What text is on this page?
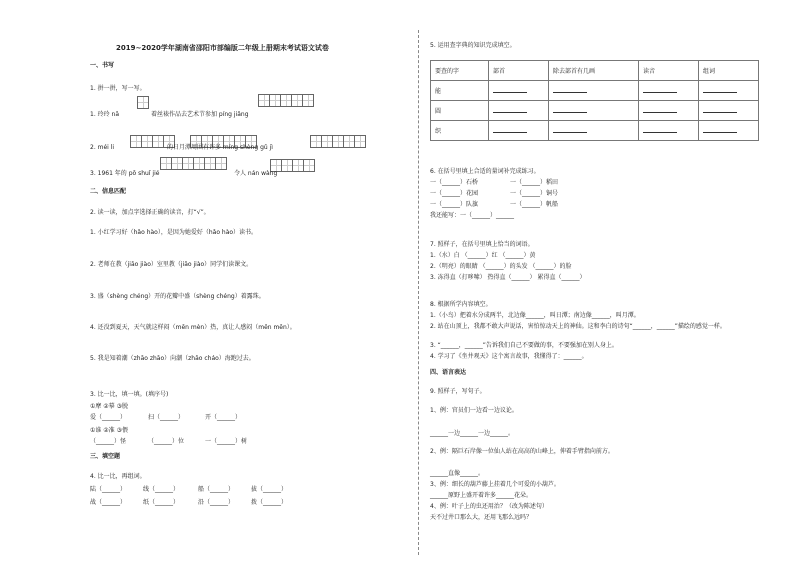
2019~2020学年湖南省邵阳市部编版二年级上册期末考试语文试卷
一、书写
1. 拼一拼，写一写。
1. 玲玲 nā	着丝裱作品去艺术节参加 píng jiǎng
2. méi li	的日月潭周围有许多 míng shèng gǔ jì
3. 1961 年的 pō shuǐ jié	令人 nán wàng
二、信息匹配
2. 读一读，加点字选择正确的读音，打“√”。
1. 小红学习好（hǎo hào），是因为她爱好（hǎo hào）读书。
2. 老师在教（jiāo jiào）室里教（jiāo jiào）同学们读课文。
3. 盛（shèng chéng）开的花瓣中盛（shèng chéng）着露珠。
4. 还没到夏天，天气就这样闷（mēn mèn）热，真让人感闷（mēn mēn）。
5. 我是知着潮（zhāo zhāo）向潮（zhāo cháo）海跑过去。
3. 比一比，填一填。(填序号)
①摩 ②摹 ③脱
爱（______）	扫（______）	开（______）
①谁 ②准 ③偎
（______）怪	（______）位	一（______）树
三、填空题
4. 比一比，再组词。
陆（______）	线（______）	船（______）	拔（______）
战（______）	纸（______）	沿（______）	拨（______）
5. 运用查字典的知识完成填空。
要查的字	部首	除去部首有几画	读音	组词
能				
圆				
织				
6. 在括号里填上合适的量词补完成练习。
一（______）石桥	一（______）稻田
一（______）花园	一（______）铜号
一（______）队旗	一（______）帆船
我还能写：一（______）______
7. 照样子，在括号里填上恰当的词语。
1.（水）白 （______）红 （______）黄
2.（明亮）的眼睛 （______）的头发 （______）的脸
3. 冻得直（打哆嗦） 热得直（______） 累得直（______）
8. 根据所学内容填空。
1.（小鸟）把着水分成两半，北边像______，叫日潭；南边像______，叫月潭。
2. 站在山顶上，我都不敢大声说话，害怕惊动天上的神仙。这和李白的诗句“______，______”描绘的感觉一样。
3. “______，______”告诉我们自己不要做的事，不要强加在别人身上。
4. 学习了《坐井观天》这个寓言故事，我懂得了：______。
四、语言表达
9. 照样子，写句子。
1、例：官员们一边看一边议论。
______一边______一边______。
2、例：隔巨石岸像一位仙人站在高高的山峰上，伸着手臂指向前方。
______直像______。
3、例：细长的葫芦藤上挂着几个可爱的小葫芦。
______原野上盛开着许多______花朵。
4、例：叶子上的虫还用治？（改为陈述句）
天不过井口那么大，还用飞那么远吗？
